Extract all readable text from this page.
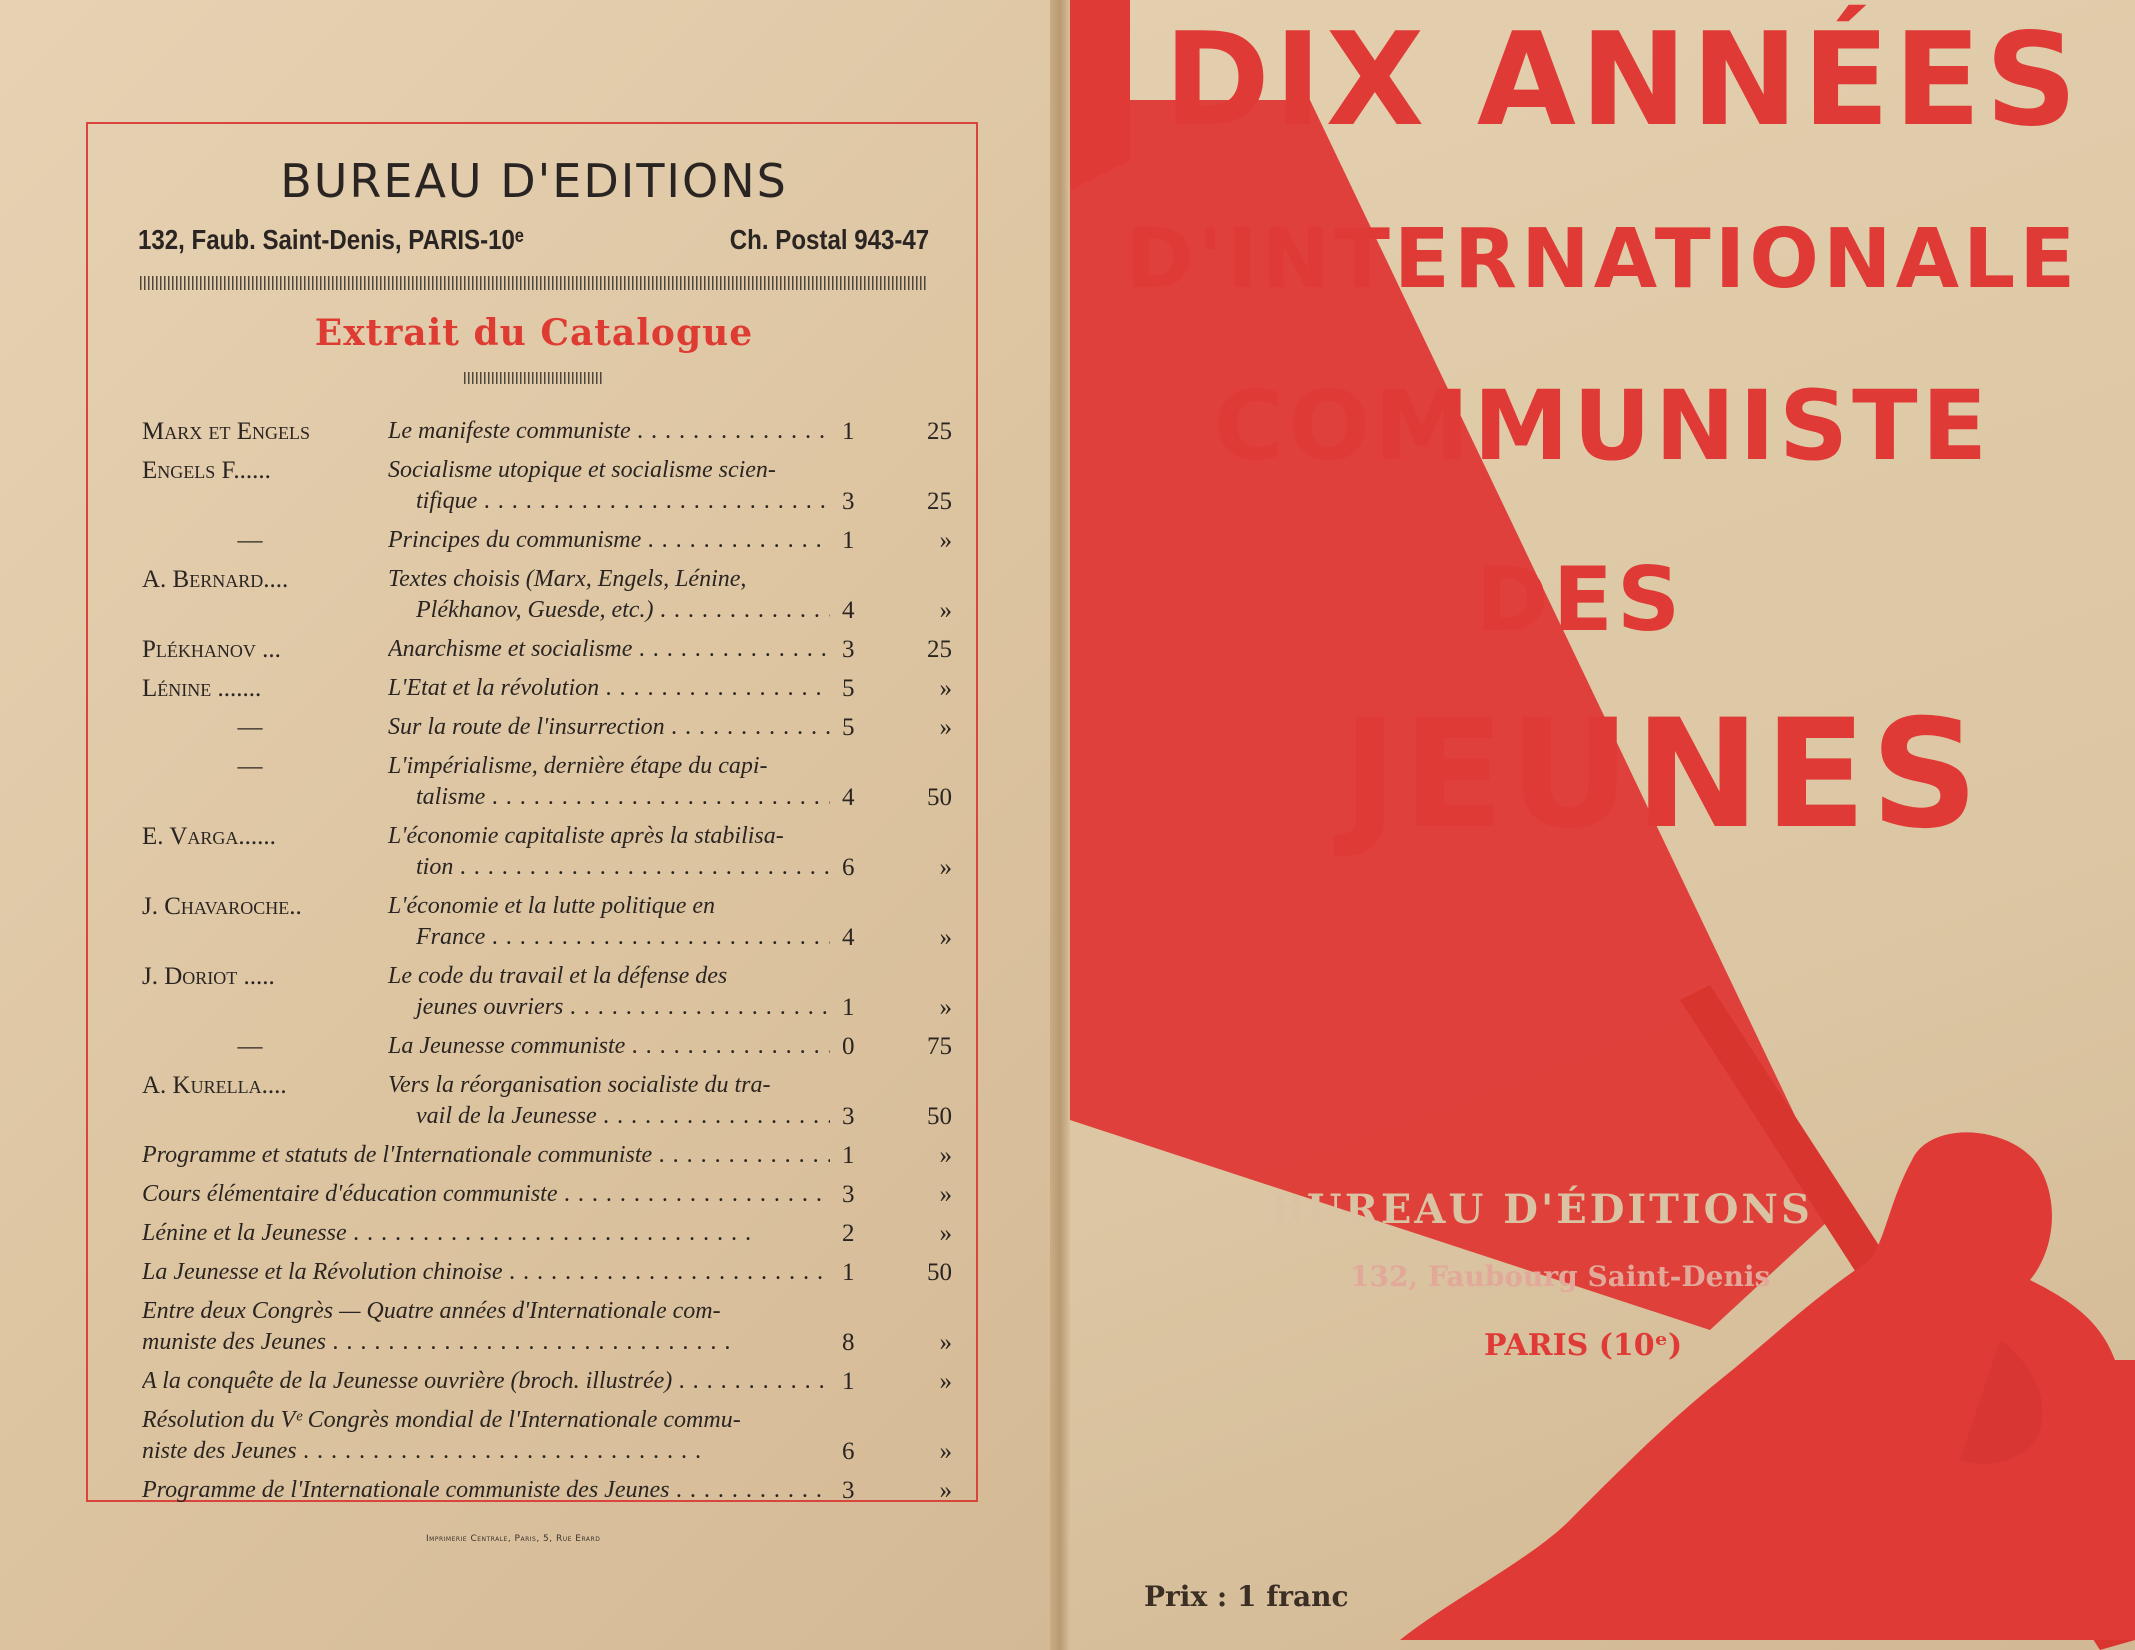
BUREAU D'EDITIONS
132, Faub. Saint-Denis, PARIS-10ᵉ	Ch. Postal 943-47
Extrait du Catalogue
Marx et Engels	Le manifeste communiste . . .	1	25
Engels F......	Socialisme utopique et socialisme scien-
tifique . . .	3	25
—	Principes du communisme . . .	1	»
A. Bernard....	Textes choisis (Marx, Engels, Lénine,
Plékhanov, Guesde, etc.) . . .	4	»
Plékhanov ...	Anarchisme et socialisme . . .	3	25
Lénine .......	L'Etat et la révolution . . .	5	»
—	Sur la route de l'insurrection . . .	5	»
—	L'impérialisme, dernière étape du capi-
talisme . . .	4	50
E. Varga......	L'économie capitaliste après la stabilisa-
tion . . .	6	»
J. Chavaroche..	L'économie et la lutte politique en
France . . .	4	»
J. Doriot .....	Le code du travail et la défense des
jeunes ouvriers . . .	1	»
—	La Jeunesse communiste . . .	0	75
A. Kurella....	Vers la réorganisation socialiste du tra-
vail de la Jeunesse . . .	3	50
Programme et statuts de l'Internationale communiste . . .	1	»
Cours élémentaire d'éducation communiste . . .	3	»
Lénine et la Jeunesse . . .	2	»
La Jeunesse et la Révolution chinoise . . .	1	50
Entre deux Congrès — Quatre années d'Internationale com-
muniste des Jeunes . . .	8	»
A la conquête de la Jeunesse ouvrière (broch. illustrée) . . .	1	»
Résolution du Vᵉ Congrès mondial de l'Internationale commu-
niste des Jeunes . . .	6	»
Programme de l'Internationale communiste des Jeunes . . .	3	»
Imprimerie Centrale, Paris, 5, Rue Erard
DIX ANNÉES
D'INTERNATIONALE
COMMUNISTE
DES
JEUNES
BUREAU D'ÉDITIONS
132, Faubourg Saint-Denis
PARIS (10ᵉ)
Prix : 1 franc
